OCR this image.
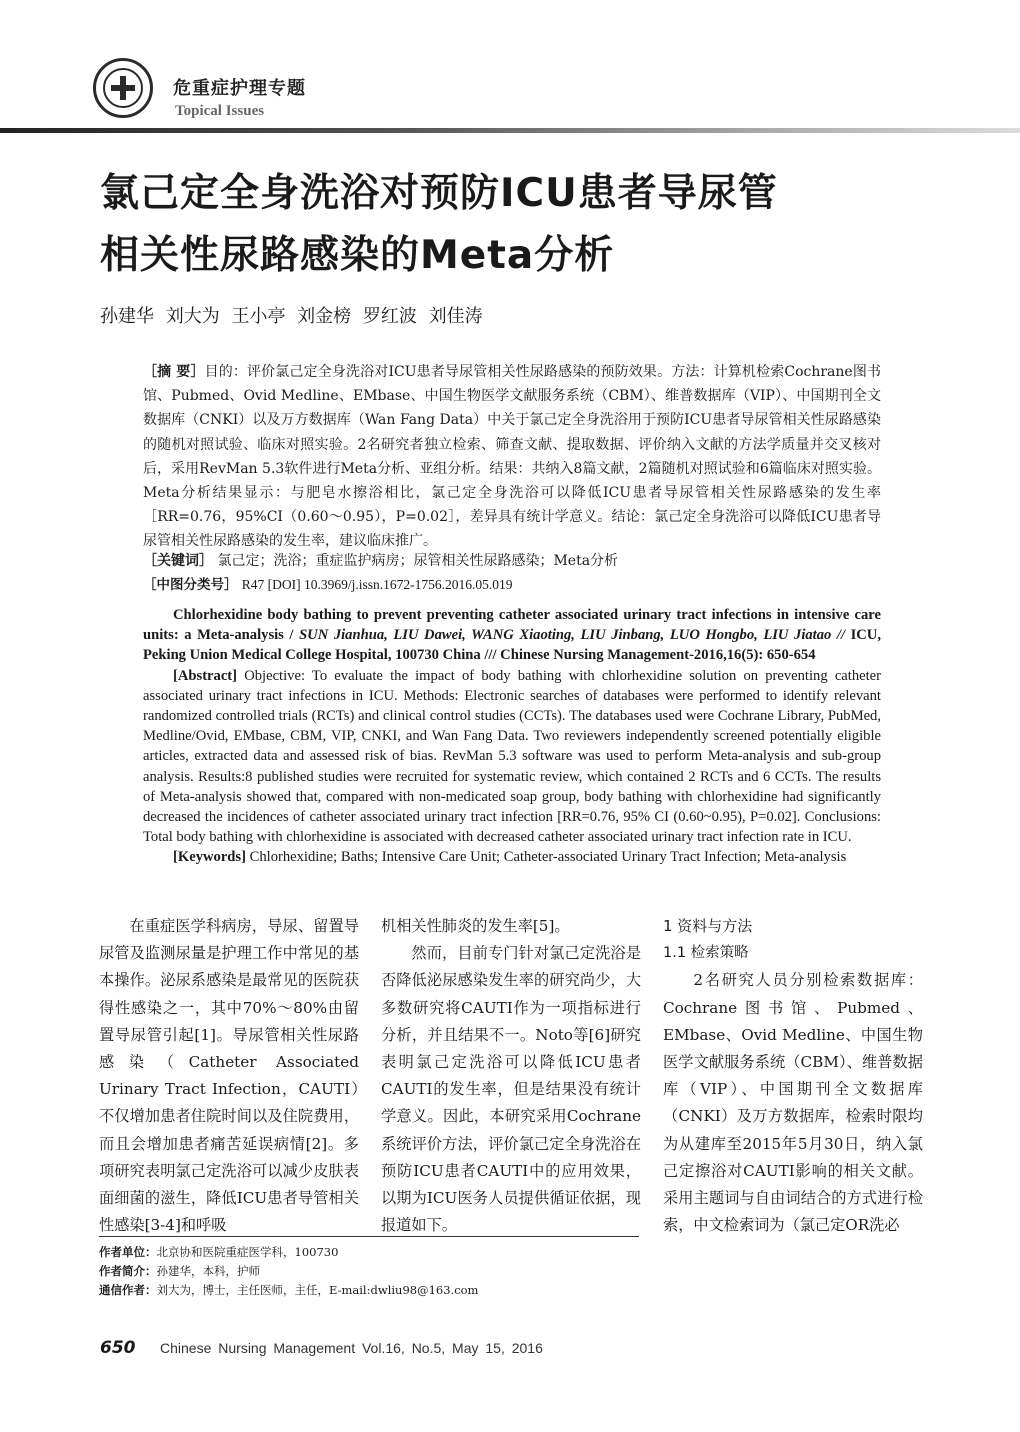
危重症护理专题
Topical Issues
氯己定全身洗浴对预防ICU患者导尿管
相关性尿路感染的Meta分析
孙建华 刘大为 王小亭 刘金榜 罗红波 刘佳涛
［摘 要］目的：评价氯己定全身洗浴对ICU患者导尿管相关性尿路感染的预防效果。方法：计算机检索Cochrane图书馆、Pubmed、Ovid Medline、EMbase、中国生物医学文献服务系统（CBM）、维普数据库（VIP）、中国期刊全文数据库（CNKI）以及万方数据库（Wan Fang Data）中关于氯己定全身洗浴用于预防ICU患者导尿管相关性尿路感染的随机对照试验、临床对照实验。2名研究者独立检索、筛查文献、提取数据、评价纳入文献的方法学质量并交叉核对后，采用RevMan 5.3软件进行Meta分析、亚组分析。结果：共纳入8篇文献，2篇随机对照试验和6篇临床对照实验。Meta分析结果显示：与肥皂水擦浴相比，氯己定全身洗浴可以降低ICU患者导尿管相关性尿路感染的发生率［RR=0.76，95%CI（0.60～0.95），P=0.02］，差异具有统计学意义。结论：氯己定全身洗浴可以降低ICU患者导尿管相关性尿路感染的发生率，建议临床推广。
［关键词］ 氯己定；洗浴；重症监护病房；尿管相关性尿路感染；Meta分析
［中图分类号］ R47 [DOI] 10.3969/j.issn.1672-1756.2016.05.019

Chlorhexidine body bathing to prevent preventing catheter associated urinary tract infections in intensive care units: a Meta-analysis / SUN Jianhua, LIU Dawei, WANG Xiaoting, LIU Jinbang, LUO Hongbo, LIU Jiatao // ICU, Peking Union Medical College Hospital, 100730 China /// Chinese Nursing Management-2016,16(5): 650-654

[Abstract] Objective: To evaluate the impact of body bathing with chlorhexidine solution on preventing catheter associated urinary tract infections in ICU. Methods: Electronic searches of databases were performed to identify relevant randomized controlled trials (RCTs) and clinical control studies (CCTs). The databases used were Cochrane Library, PubMed, Medline/Ovid, EMbase, CBM, VIP, CNKI, and Wan Fang Data. Two reviewers independently screened potentially eligible articles, extracted data and assessed risk of bias. RevMan 5.3 software was used to perform Meta-analysis and sub-group analysis. Results:8 published studies were recruited for systematic review, which contained 2 RCTs and 6 CCTs. The results of Meta-analysis showed that, compared with non-medicated soap group, body bathing with chlorhexidine had significantly decreased the incidences of catheter associated urinary tract infection [RR=0.76, 95% CI (0.60~0.95), P=0.02]. Conclusions: Total body bathing with chlorhexidine is associated with decreased catheter associated urinary tract infection rate in ICU.

[Keywords] Chlorhexidine; Baths; Intensive Care Unit; Catheter-associated Urinary Tract Infection; Meta-analysis

在重症医学科病房，导尿、留置导尿管及监测尿量是护理工作中常见的基本操作。泌尿系感染是最常见的医院获得性感染之一，其中70%～80%由留置导尿管引起[1]。导尿管相关性尿路感染（Catheter Associated Urinary Tract Infection，CAUTI）不仅增加患者住院时间以及住院费用，而且会增加患者痛苦延误病情[2]。多项研究表明氯己定洗浴可以减少皮肤表面细菌的滋生，降低ICU患者导管相关性感染[3-4]和呼吸

机相关性肺炎的发生率[5]。

然而，目前专门针对氯己定洗浴是否降低泌尿感染发生率的研究尚少，大多数研究将CAUTI作为一项指标进行分析，并且结果不一。Noto等[6]研究表明氯己定洗浴可以降低ICU患者CAUTI的发生率，但是结果没有统计学意义。因此，本研究采用Cochrane系统评价方法，评价氯己定全身洗浴在预防ICU患者CAUTI中的应用效果，以期为ICU医务人员提供循证依据，现报道如下。

1 资料与方法

1.1 检索策略

2名研究人员分别检索数据库：Cochrane图书馆、Pubmed、EMbase、Ovid Medline、中国生物医学文献服务系统（CBM）、维普数据库（VIP）、中国期刊全文数据库（CNKI）及万方数据库，检索时限均为从建库至2015年5月30日，纳入氯己定擦浴对CAUTI影响的相关文献。采用主题词与自由词结合的方式进行检索，中文检索词为（氯己定OR洗必

作者单位：北京协和医院重症医学科，100730

作者简介：孙建华，本科，护师

通信作者：刘大为，博士，主任医师，主任，E-mail:dwliu98@163.com

650 Chinese Nursing Management Vol.16, No.5, May 15, 2016
